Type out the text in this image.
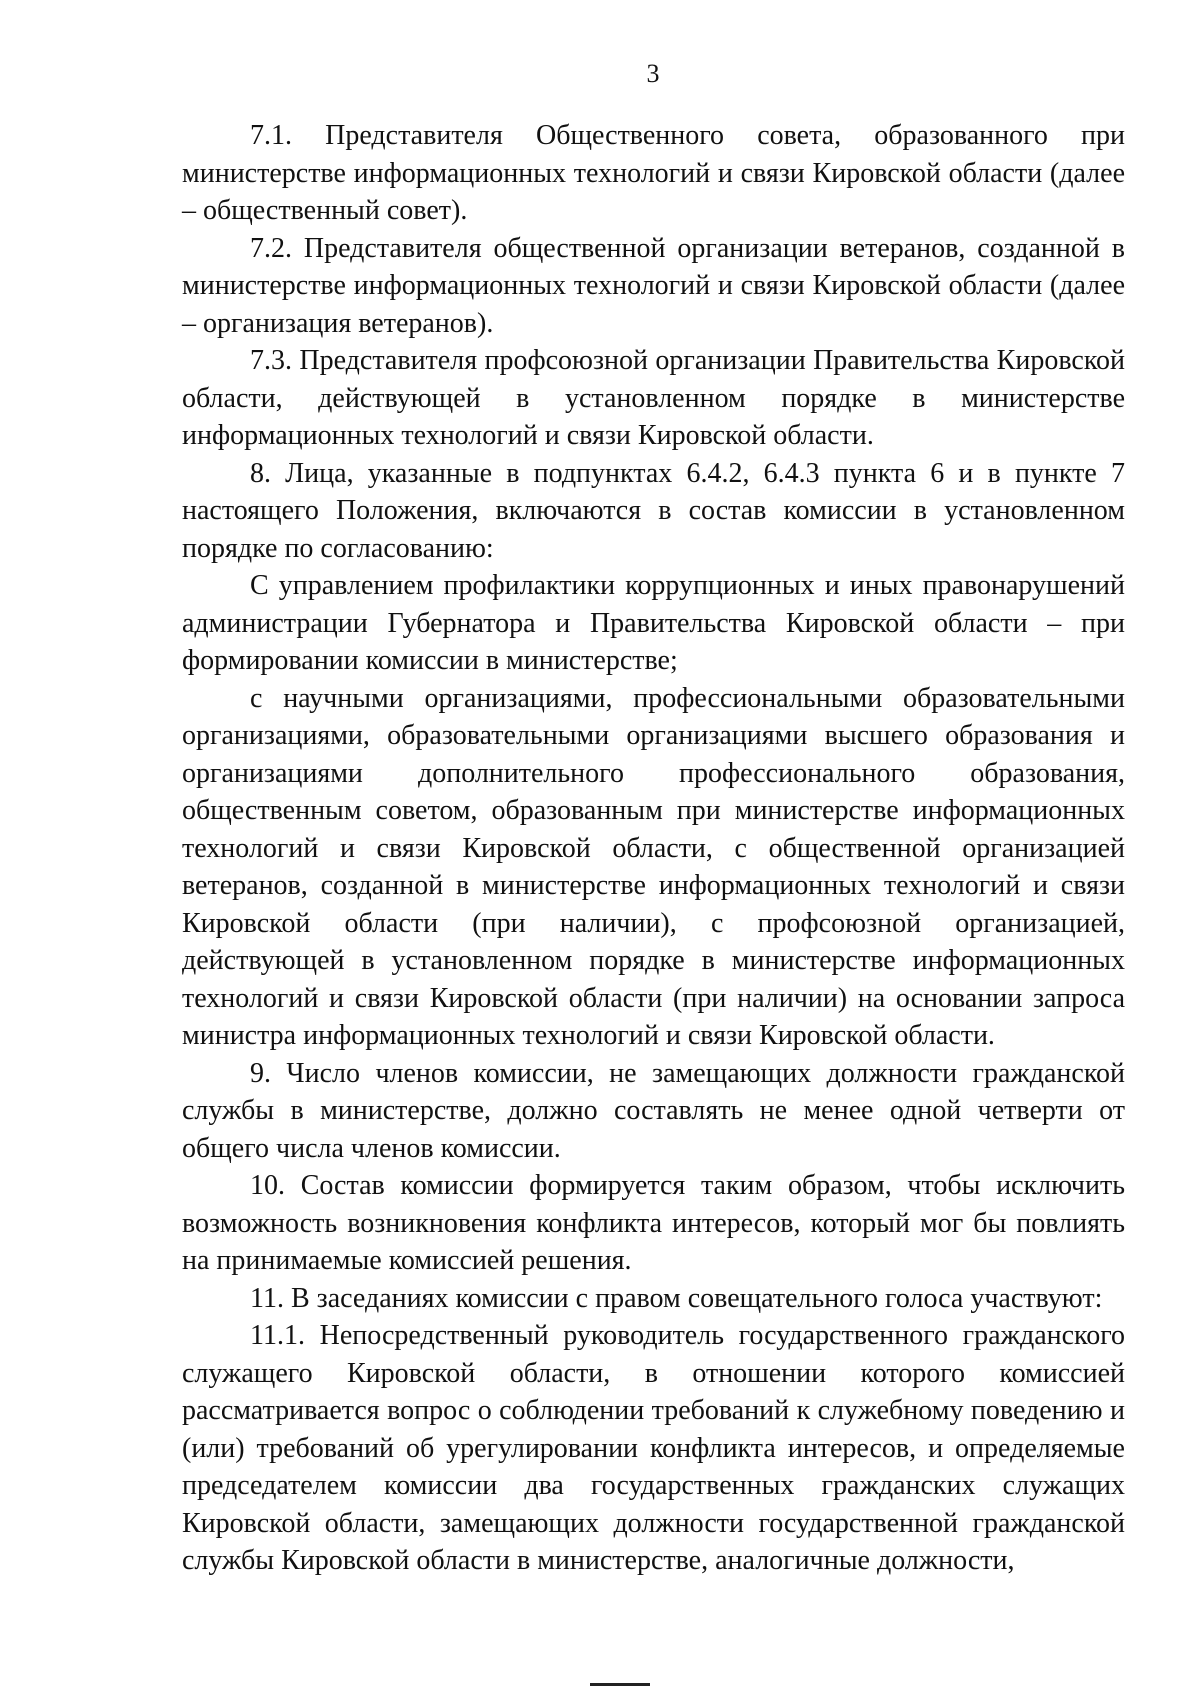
3

7.1. Представителя Общественного совета, образованного при министерстве информационных технологий и связи Кировской области (далее – общественный совет).

7.2. Представителя общественной организации ветеранов, созданной в министерстве информационных технологий и связи Кировской области (далее – организация ветеранов).

7.3. Представителя профсоюзной организации Правительства Кировской области, действующей в установленном порядке в министерстве информационных технологий и связи Кировской области.

8. Лица, указанные в подпунктах 6.4.2, 6.4.3 пункта 6 и в пункте 7 настоящего Положения, включаются в состав комиссии в установленном порядке по согласованию:

С управлением профилактики коррупционных и иных правонарушений администрации Губернатора и Правительства Кировской области – при формировании комиссии в министерстве;

с научными организациями, профессиональными образовательными организациями, образовательными организациями высшего образования и организациями дополнительного профессионального образования, общественным советом, образованным при министерстве информационных технологий и связи Кировской области, с общественной организацией ветеранов, созданной в министерстве информационных технологий и связи Кировской области (при наличии), с профсоюзной организацией, действующей в установленном порядке в министерстве информационных технологий и связи Кировской области (при наличии) на основании запроса министра информационных технологий и связи Кировской области.

9. Число членов комиссии, не замещающих должности гражданской службы в министерстве, должно составлять не менее одной четверти от общего числа членов комиссии.

10. Состав комиссии формируется таким образом, чтобы исключить возможность возникновения конфликта интересов, который мог бы повлиять на принимаемые комиссией решения.

11. В заседаниях комиссии с правом совещательного голоса участвуют:

11.1. Непосредственный руководитель государственного гражданского служащего Кировской области, в отношении которого комиссией рассматривается вопрос о соблюдении требований к служебному поведению и (или) требований об урегулировании конфликта интересов, и определяемые председателем комиссии два государственных гражданских служащих Кировской области, замещающих должности государственной гражданской службы Кировской области в министерстве, аналогичные должности,
